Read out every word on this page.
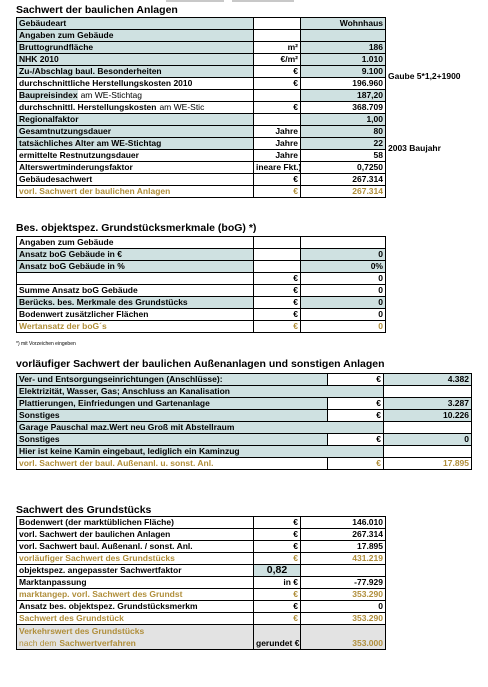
Sachwert der baulichen Anlagen
Gebäudeart		Wohnhaus
Angaben zum Gebäude		
Bruttogrundfläche	m²	186
NHK 2010	€/m²	1.010
Zu-/Abschlag baul. Besonderheiten	€	9.100
durchschnittliche Herstellungskosten 2010	€	196.960
Baupreisindex am WE-Stichtag		187,20
durchschnittl. Herstellungskosten am WE-Stic	€	368.709
Regionalfaktor		1,00
Gesamtnutzungsdauer	Jahre	80
tatsächliches Alter am WE-Stichtag	Jahre	22
ermittelte Restnutzungsdauer	Jahre	58
Alterswertminderungsfaktor	ineare Fkt.)	0,7250
Gebäudesachwert	€	267.314
vorl. Sachwert der baulichen Anlagen	€	267.314
Gaube 5*1,2+1900
2003 Baujahr
Bes. objektspez. Grundstücksmerkmale (boG) *)
Angaben zum Gebäude		
Ansatz boG Gebäude in €		0
Ansatz boG Gebäude in %		0%
	€	0
Summe Ansatz boG Gebäude	€	0
Berücks. bes. Merkmale des Grundstücks	€	0
Bodenwert zusätzlicher Flächen	€	0
Wertansatz der boG´s	€	0
*) mit Vorzeichen eingeben
vorläufiger Sachwert der baulichen Außenanlagen und sonstigen Anlagen
Ver- und Entsorgungseinrichtungen (Anschlüsse):	€	4.382
Elektrizität, Wasser, Gas; Anschluss an Kanalisation		
Plattierungen, Einfriedungen und Gartenanlage	€	3.287
Sonstiges	€	10.226
Garage Pauschal maz.Wert neu Groß mit Abstellraum		
Sonstiges	€	0
Hier ist keine Kamin eingebaut, lediglich ein Kaminzug		
vorl. Sachwert der baul. Außenanl. u. sonst. Anl.	€	17.895
Sachwert des Grundstücks
Bodenwert (der marktüblichen Fläche)	€	146.010
vorl. Sachwert der baulichen Anlagen	€	267.314
vorl. Sachwert baul. Außenanl. / sonst. Anl.	€	17.895
vorläufiger Sachwert des Grundstücks	€	431.219
objektspez. angepasster Sachwertfaktor	0,82	
Marktanpassung	in €	-77.929
marktangep. vorl. Sachwert des Grundst	€	353.290
Ansatz bes. objektspez. Grundstücksmerkm	€	0
Sachwert des Grundstück	€	353.290

Verkehrswert des Grundstücks
nach dem Sachwertverfahren	gerundet €	353.000
